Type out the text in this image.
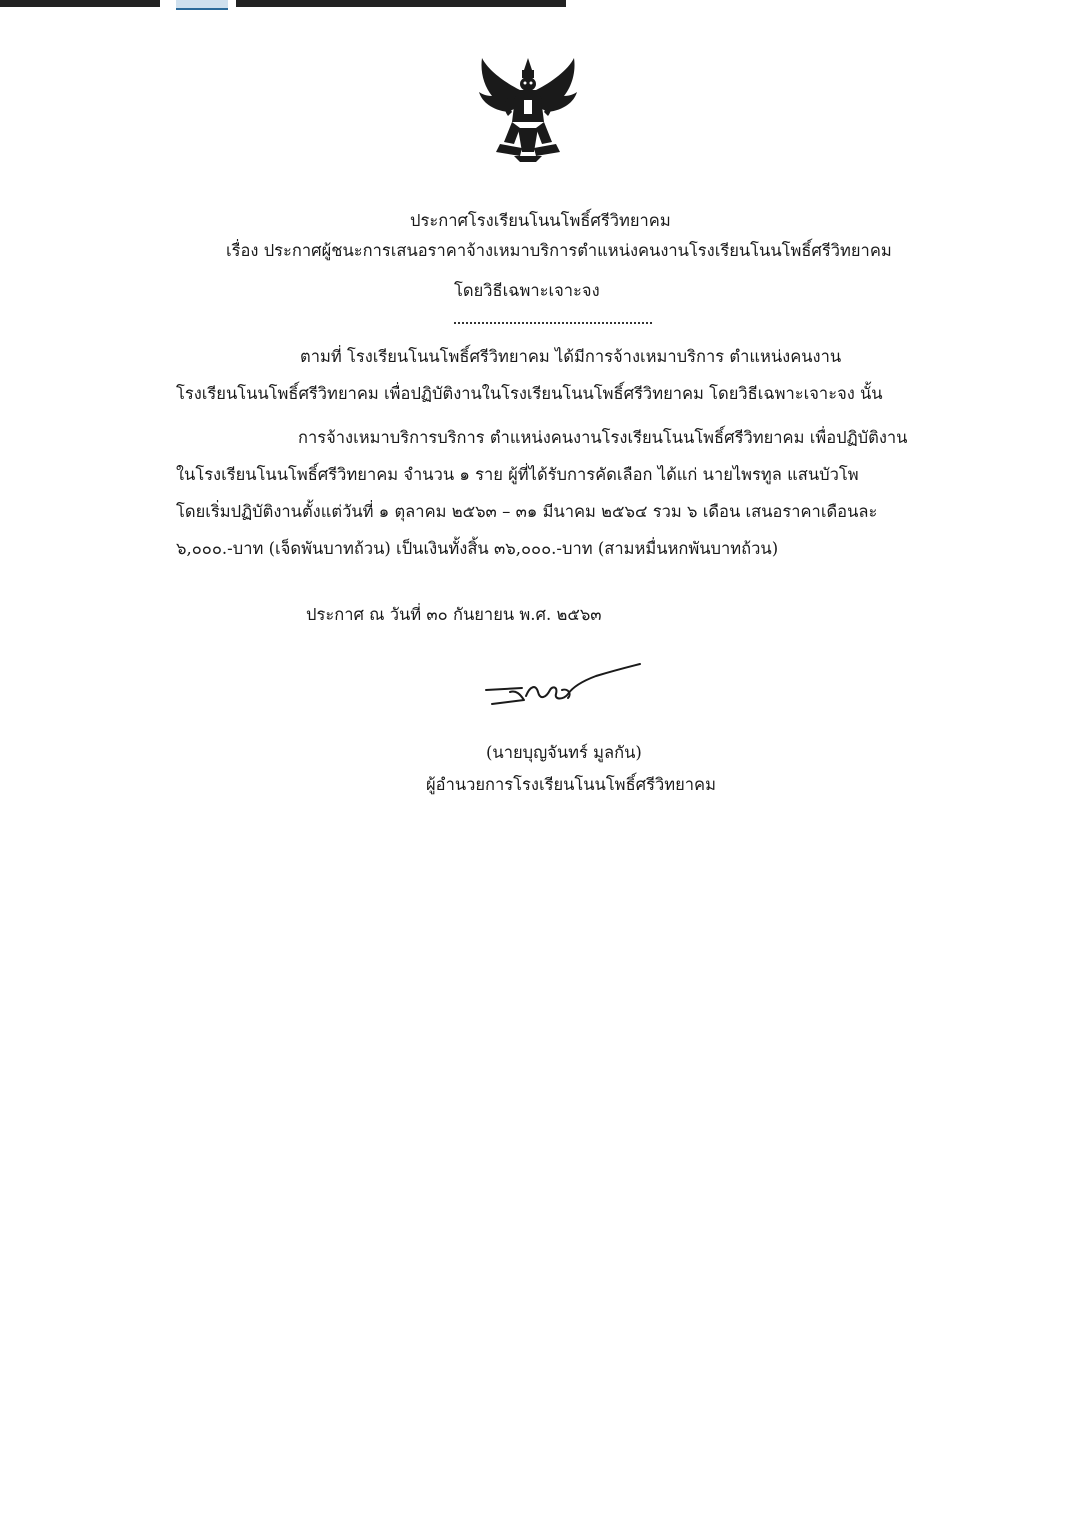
ประกาศโรงเรียนโนนโพธิ์ศรีวิทยาคม
เรื่อง ประกาศผู้ชนะการเสนอราคาจ้างเหมาบริการตำแหน่งคนงานโรงเรียนโนนโพธิ์ศรีวิทยาคม
โดยวิธีเฉพาะเจาะจง
ตามที่ โรงเรียนโนนโพธิ์ศรีวิทยาคม ได้มีการจ้างเหมาบริการ ตำแหน่งคนงาน
โรงเรียนโนนโพธิ์ศรีวิทยาคม เพื่อปฏิบัติงานในโรงเรียนโนนโพธิ์ศรีวิทยาคม โดยวิธีเฉพาะเจาะจง นั้น
การจ้างเหมาบริการบริการ ตำแหน่งคนงานโรงเรียนโนนโพธิ์ศรีวิทยาคม เพื่อปฏิบัติงาน
ในโรงเรียนโนนโพธิ์ศรีวิทยาคม จำนวน ๑ ราย ผู้ที่ได้รับการคัดเลือก ได้แก่ นายไพรทูล แสนบัวโพ
โดยเริ่มปฏิบัติงานตั้งแต่วันที่ ๑ ตุลาคม ๒๕๖๓ – ๓๑ มีนาคม ๒๕๖๔ รวม ๖ เดือน เสนอราคาเดือนละ
๖,๐๐๐.-บาท (เจ็ดพันบาทถ้วน) เป็นเงินทั้งสิ้น ๓๖,๐๐๐.-บาท (สามหมื่นหกพันบาทถ้วน)
ประกาศ ณ วันที่ ๓๐ กันยายน พ.ศ. ๒๕๖๓
(นายบุญจันทร์ มูลกัน)
ผู้อำนวยการโรงเรียนโนนโพธิ์ศรีวิทยาคม
